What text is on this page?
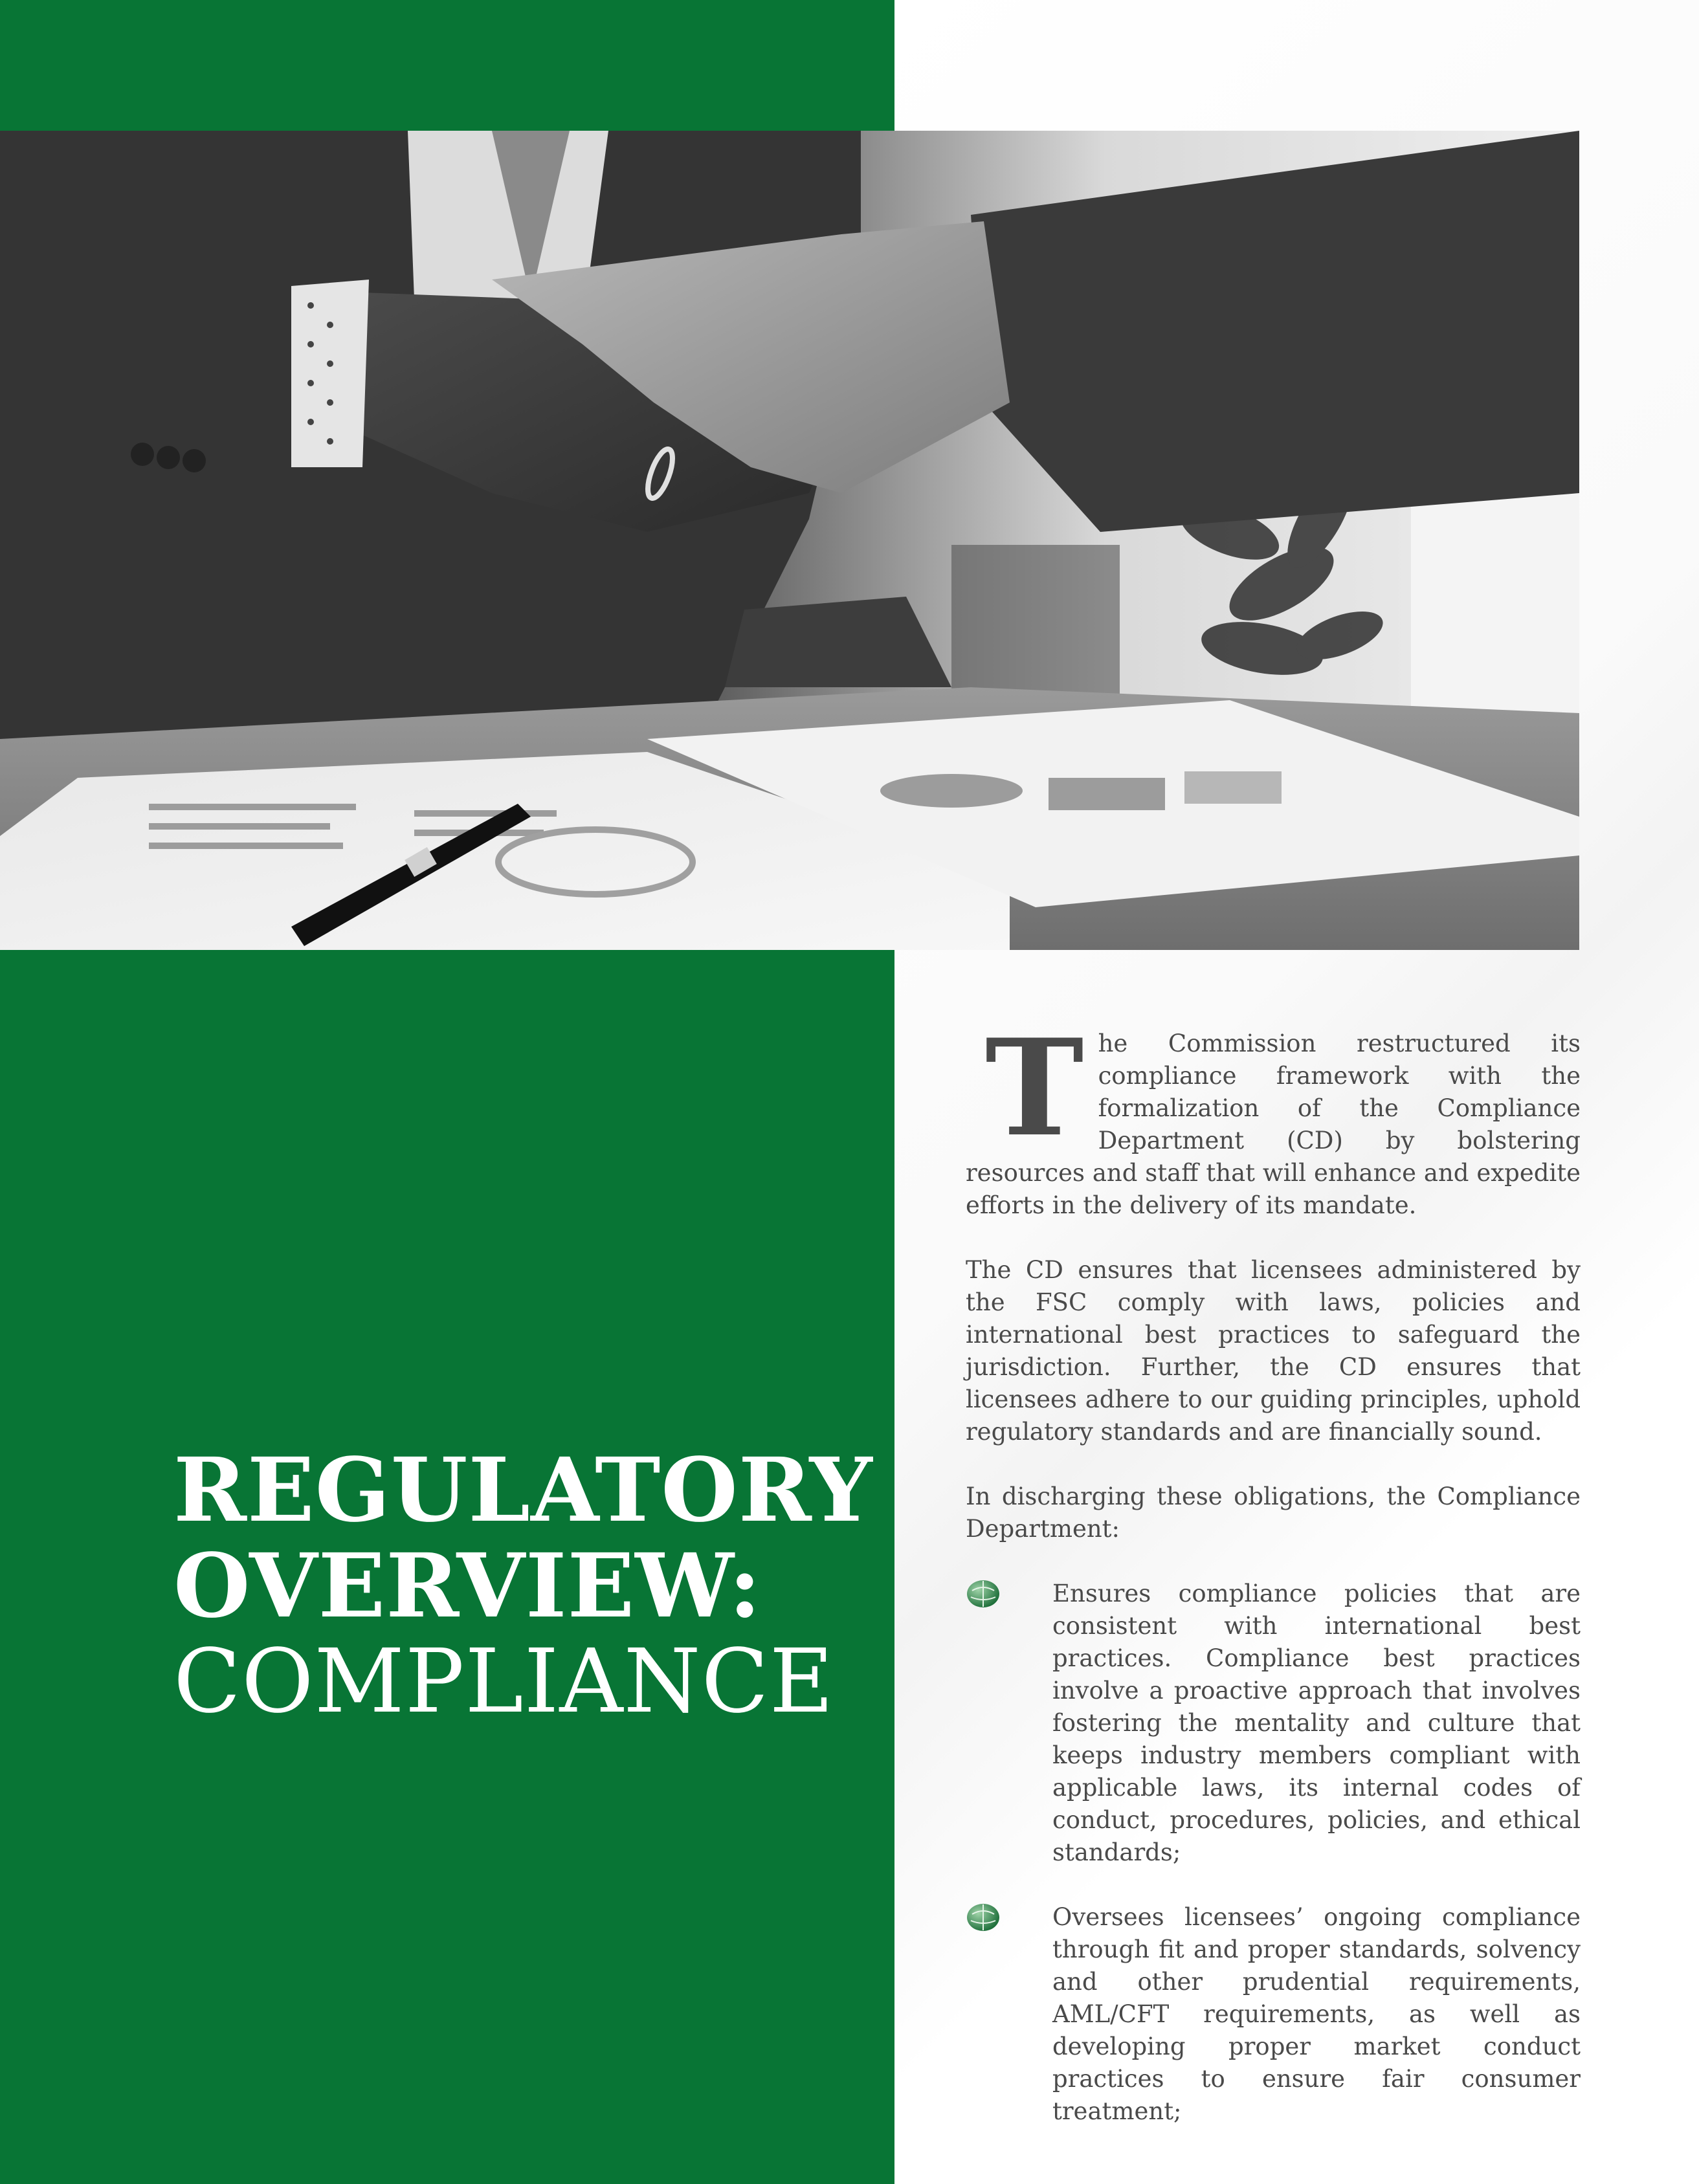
REGULATORY
OVERVIEW:
COMPLIANCE

T he Commission restructured its compliance framework with the formalization of the Compliance Department (CD) by bolstering resources and staff that will enhance and expedite efforts in the delivery of its mandate.

The CD ensures that licensees administered by the FSC comply with laws, policies and international best practices to safeguard the jurisdiction. Further, the CD ensures that licensees adhere to our guiding principles, uphold regulatory standards and are financially sound.

In discharging these obligations, the Compliance Department:

Ensures compliance policies that are consistent with international best practices. Compliance best practices involve a proactive approach that involves fostering the mentality and culture that keeps industry members compliant with applicable laws, its internal codes of conduct, procedures, policies, and ethical standards;
Oversees licensees’ ongoing compliance through fit and proper standards, solvency and other prudential requirements, AML/CFT requirements, as well as developing proper market conduct practices to ensure fair consumer treatment;
